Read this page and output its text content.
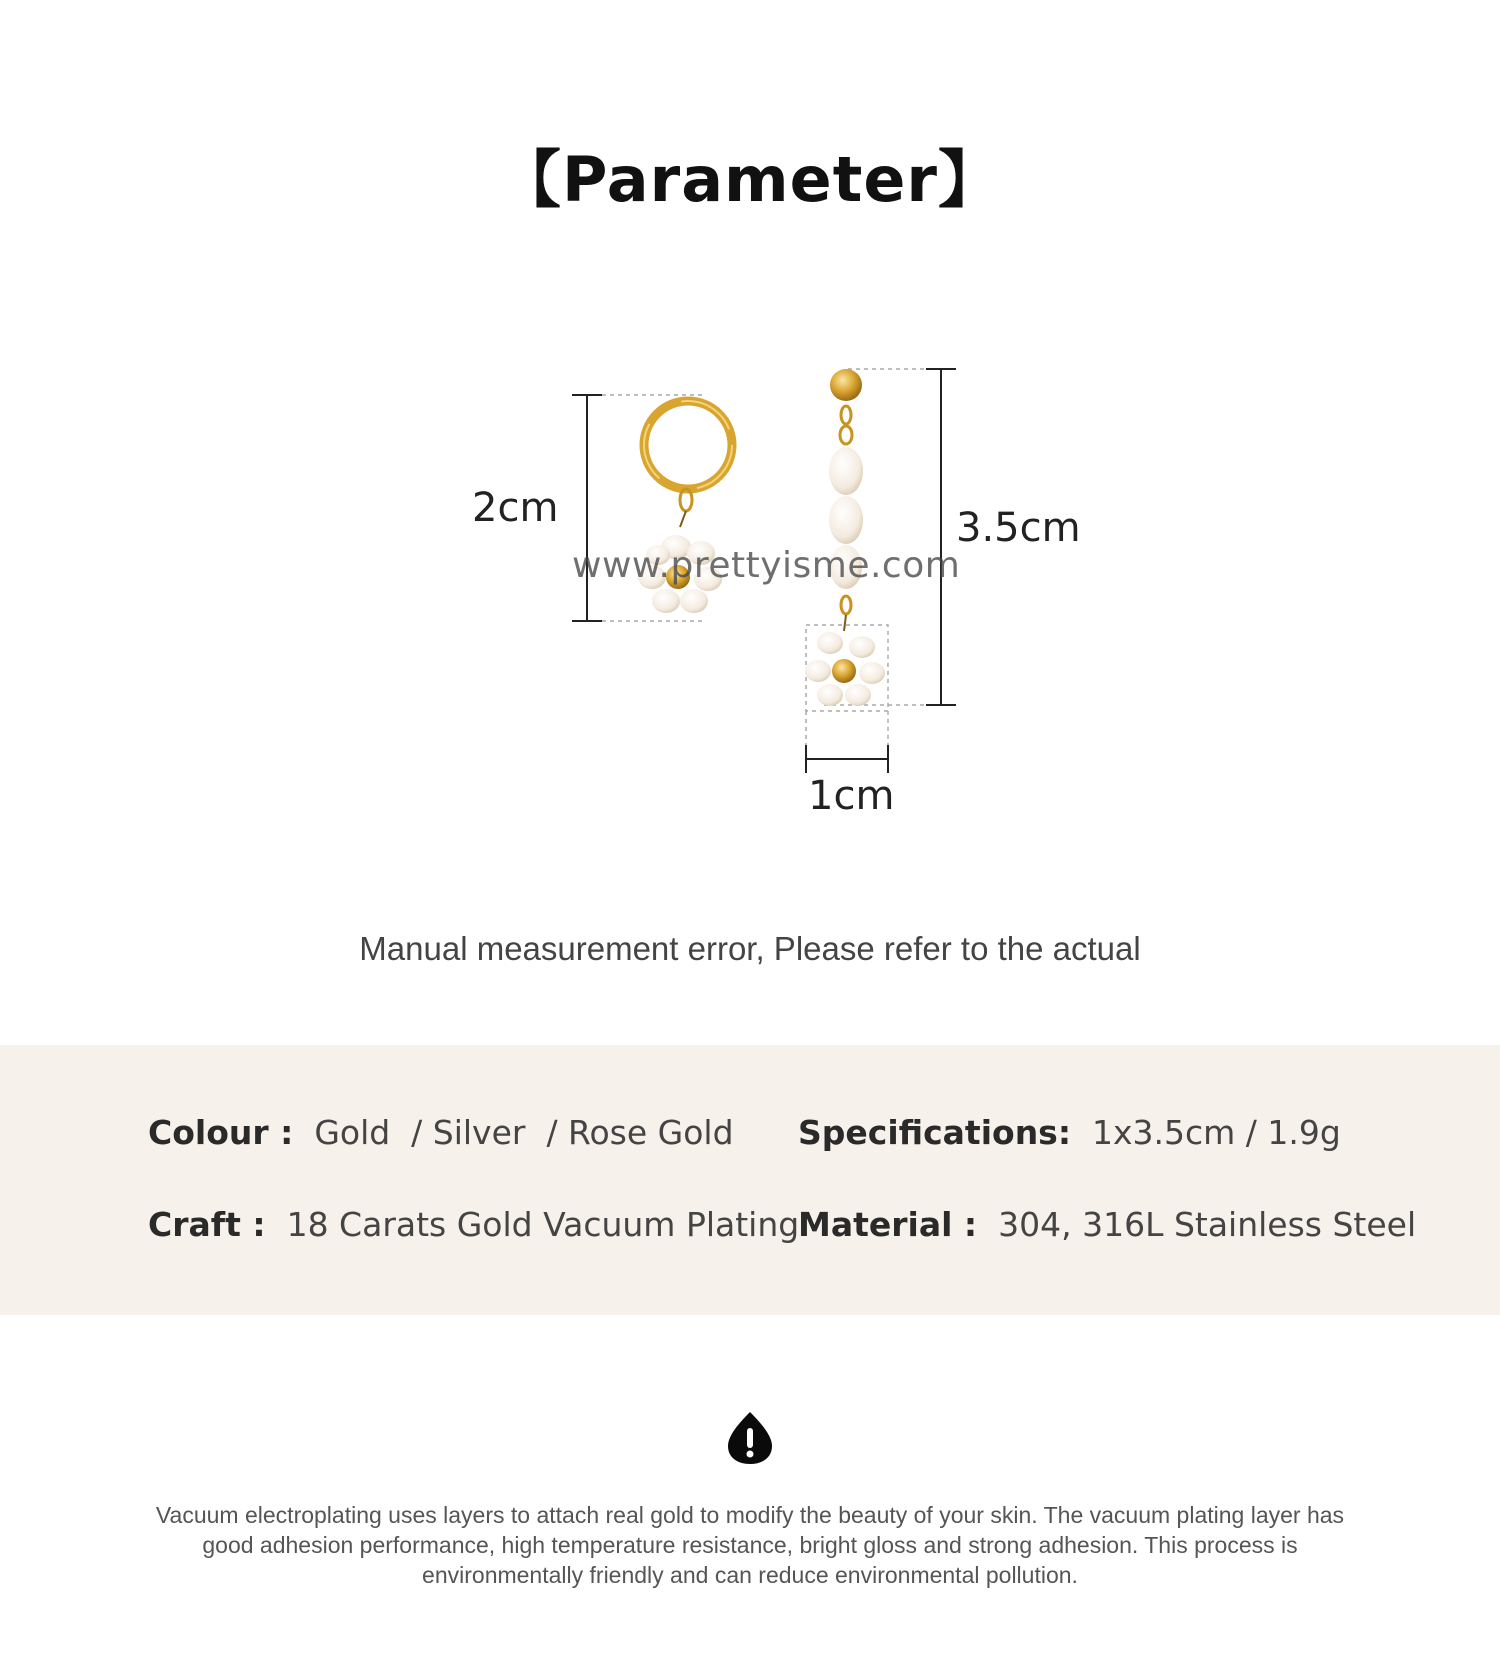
【Parameter】
2cm	3.5cm
1cm
www.prettyisme.com
Manual measurement error, Please refer to the actual
Colour : Gold  / Silver  / Rose Gold Specifications: 1x3.5cm / 1.9g
Craft : 18 Carats Gold Vacuum Plating
Material : 304, 316L Stainless Steel
Vacuum electroplating uses layers to attach real gold to modify the beauty of your skin. The vacuum plating layer has good adhesion performance, high temperature resistance, bright gloss and strong adhesion. This process is environmentally friendly and can reduce environmental pollution.
